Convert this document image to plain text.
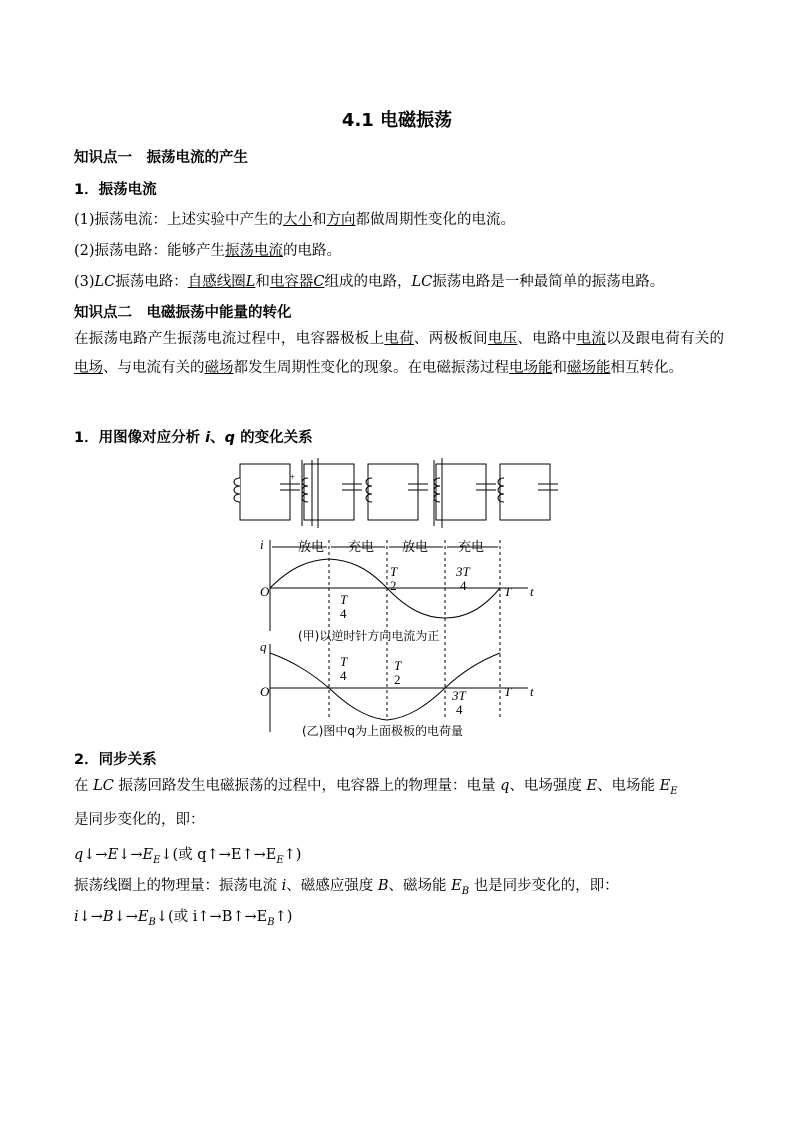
4.1 电磁振荡
知识点一　振荡电流的产生
1．振荡电流
(1)振荡电流：上述实验中产生的大小和方向都做周期性变化的电流。
(2)振荡电路：能够产生振荡电流的电路。
(3)LC振荡电路：自感线圈L和电容器C组成的电路，LC振荡电路是一种最简单的振荡电路。
知识点二　电磁振荡中能量的转化
在振荡电路产生振荡电流过程中，电容器极板上电荷、两极板间电压、电路中电流以及跟电荷有关的电场、与电流有关的磁场都发生周期性变化的现象。在电磁振荡过程电场能和磁场能相互转化。
1．用图像对应分析 i、q 的变化关系
+
放电 充电 放电 充电
i
O	t
T
T
4
T
2
3T
4
(甲)以逆时针方向电流为正
q
O	t
T
T
4
T
2
3T
4
(乙)图中q为上面极板的电荷量
2．同步关系
在 LC 振荡回路发生电磁振荡的过程中，电容器上的物理量：电量 q、电场强度 E、电场能 $E_E$
是同步变化的，即：
$q↓\to E↓\to E_E↓$(或 $q↑\to E↑\to E_E↑$)
振荡线圈上的物理量：振荡电流 i、磁感应强度 B、磁场能 $E_B$ 也是同步变化的，即：
$i↓\to B↓\to E_B↓$(或 $i↑\to B↑\to E_B↑$)
